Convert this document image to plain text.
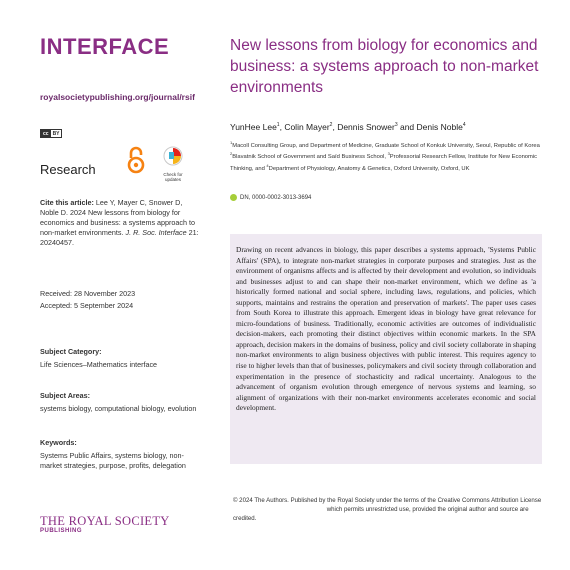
INTERFACE
royalsocietypublishing.org/journal/rsif
cc BY
Research	Check for
updates
Cite this article: Lee Y, Mayer C, Snower D, Noble D. 2024 New lessons from biology for economics and business: a systems approach to non-market environments. J. R. Soc. Interface 21: 20240457.
Received: 28 November 2023
Accepted: 5 September 2024
Subject Category:
Life Sciences–Mathematics interface
Subject Areas:
systems biology, computational biology, evolution
Keywords:
Systems Public Affairs, systems biology, non-market strategies, purpose, profits, delegation
THE ROYAL SOCIETY
PUBLISHING
New lessons from biology for economics and business: a systems approach to non-market environments
YunHee Lee$^1$, Colin Mayer$^2$, Dennis Snower$^3$ and Denis Noble$^4$
$^1$Macoll Consulting Group, and Department of Medicine, Graduate School of Konkuk University, Seoul, Republic of Korea
$^2$Blavatnik School of Government and Saïd Business School, $^3$Professorial Research Fellow, Institute for New Economic Thinking, and $^4$Department of Physiology, Anatomy & Genetics, Oxford University, Oxford, UK
DN, 0000-0002-3013-3694
Drawing on recent advances in biology, this paper describes a systems approach, 'Systems Public Affairs' (SPA), to integrate non-market strategies in corporate purposes and strategies. Just as the environment of organisms affects and is affected by their development and evolution, so individuals and businesses adjust to and can shape their non-market environment, which we define as 'a historically formed national and social sphere, including laws, regulations, and policies, which supports, maintains and restrains the operation and preservation of markets'. The paper uses cases from South Korea to illustrate this approach. Emergent ideas in biology have great relevance for micro-foundations of business. Traditionally, economic activities are outcomes of individualistic decision-makers, each promoting their distinct objectives within economic markets. In the SPA approach, decision makers in the domains of business, policy and civil society collaborate in shaping non-market environments to align business objectives with public interest. This requires agency to rise to higher levels than that of businesses, policymakers and civil society through collaboration and experimentation in the presence of stochasticity and radical uncertainty. Analogous to the advancement of organism evolution through emergence of nervous systems and learning, so alignment of organizations with their non-market environments accelerates economic and social development.
© 2024 The Authors. Published by the Royal Society under the terms of the Creative Commons Attribution License  which permits unrestricted use, provided the original author and source are credited.
